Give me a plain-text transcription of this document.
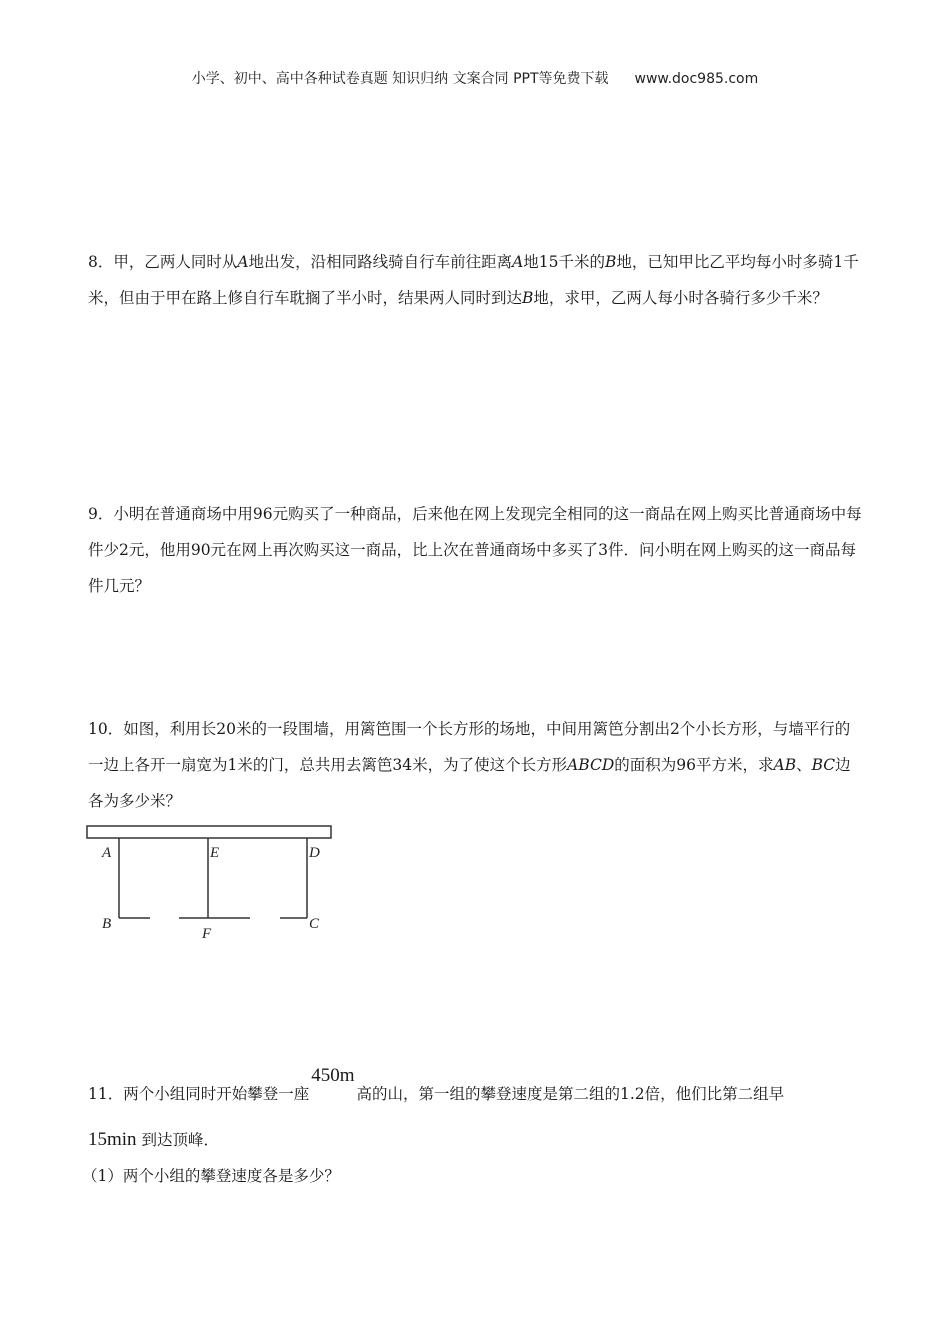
小学、初中、高中各种试卷真题 知识归纳 文案合同 PPT等免费下载 www.doc985.com

8．甲，乙两人同时从A地出发，沿相同路线骑自行车前往距离A地15千米的B地，已知甲比乙平均每小时多骑1千米，但由于甲在路上修自行车耽搁了半小时，结果两人同时到达B地，求甲，乙两人每小时各骑行多少千米？

9．小明在普通商场中用96元购买了一种商品，后来他在网上发现完全相同的这一商品在网上购买比普通商场中每件少2元，他用90元在网上再次购买这一商品，比上次在普通商场中多买了3件．问小明在网上购买的这一商品每件几元？

10．如图，利用长20米的一段围墙，用篱笆围一个长方形的场地，中间用篱笆分割出2个小长方形，与墙平行的一边上各开一扇宽为1米的门，总共用去篱笆34米，为了使这个长方形ABCD的面积为96平方米，求AB、BC边各为多少米？

A	E	D
B
F
C

11．两个小组同时开始攀登一座450m高的山，第一组的攀登速度是第二组的1.2倍，他们比第二组早

15min 到达顶峰．

（1）两个小组的攀登速度各是多少？
